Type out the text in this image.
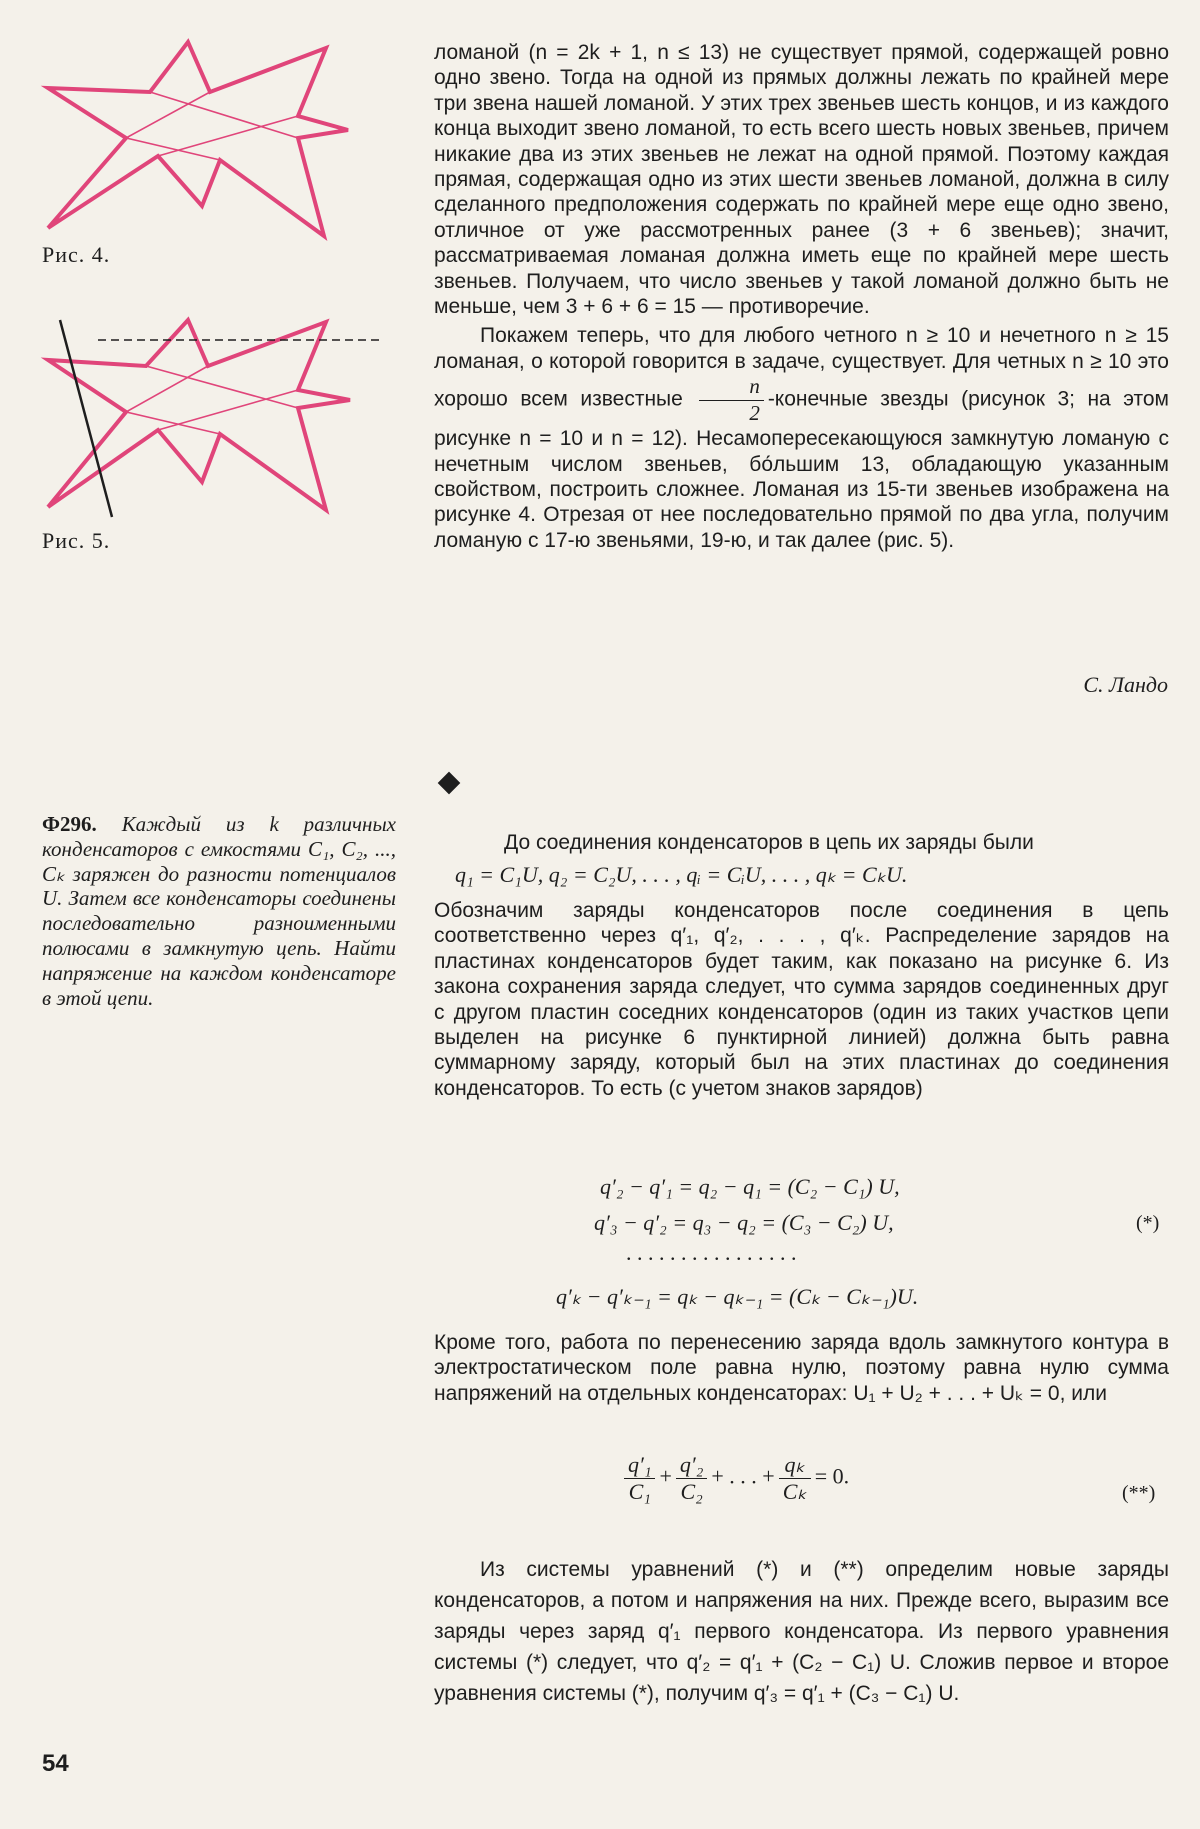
Рис. 4.
Рис. 5.

ломаной (n = 2k + 1, n ≤ 13) не существует прямой, содержащей ровно одно звено. Тогда на одной из прямых должны лежать по крайней мере три звена нашей ломаной. У этих трех звеньев шесть концов, и из каждого конца выходит звено ломаной, то есть всего шесть новых звеньев, причем никакие два из этих звеньев не лежат на одной прямой. Поэтому каждая прямая, содержащая одно из этих шести звеньев ломаной, должна в силу сделанного предположения содержать по крайней мере еще одно звено, отличное от уже рассмотренных ранее (3 + 6 звеньев); значит, рассматриваемая ломаная должна иметь еще по крайней мере шесть звеньев. Получаем, что число звеньев у такой ломаной должно быть не меньше, чем 3 + 6 + 6 = 15 — противоречие.

Покажем теперь, что для любого четного n ≥ 10 и нечетного n ≥ 15 ломаная, о которой говорится в задаче, существует. Для четных n ≥ 10 это хорошо всем известные $\frac{n}{2}$ -конечные звезды (рисунок 3; на этом рисунке n = 10 и n = 12). Несамопересекающуюся замкнутую ломаную с нечетным числом звеньев, бо́льшим 13, обладающую указанным свойством, построить сложнее. Ломаная из 15-ти звеньев изображена на рисунке 4. Отрезая от нее последовательно прямой по два угла, получим ломаную с 17-ю звеньями, 19-ю, и так далее (рис. 5).

С. Ландо
Ф296. Каждый из k различных конденсаторов с емкостями C₁, C₂, ..., Cₖ заряжен до разности потенциалов U. Затем все конденсаторы соединены последовательно разноименными полюсами в замкнутую цепь. Найти напряжение на каждом конденсаторе в этой цепи.

До соединения конденсаторов в цепь их заряды были

q₁ = C₁U, q₂ = C₂U, . . . , qᵢ = CᵢU, . . . , qₖ = CₖU.

Обозначим заряды конденсаторов после соединения в цепь соответственно через q′₁, q′₂, . . . , q′ₖ. Распределение зарядов на пластинах конденсаторов будет таким, как показано на рисунке 6. Из закона сохранения заряда следует, что сумма зарядов соединенных друг с другом пластин соседних конденсаторов (один из таких участков цепи выделен на рисунке 6 пунктирной линией) должна быть равна суммарному заряду, который был на этих пластинах до соединения конденсаторов. То есть (с учетом знаков зарядов)

q′₂ − q′₁ = q₂ − q₁ = (C₂ − C₁) U,
q′₃ − q′₂ = q₃ − q₂ = (C₃ − C₂) U,	(*)
. . . . . . . . . . . . . . . .
q′ₖ − q′ₖ₋₁ = qₖ − qₖ₋₁ = (Cₖ − Cₖ₋₁)U.

Кроме того, работа по перенесению заряда вдоль замкнутого контура в электростатическом поле равна нулю, поэтому равна нулю сумма напряжений на отдельных конденсаторах: U₁ + U₂ + . . . + Uₖ = 0, или

$\frac{\text{q′₁}}{\text{C₁}} + \frac{\text{q′₂}}{\text{C₂}}$ + . . . + $\frac{\text{qₖ}}{\text{Cₖ}} = 0$.
(**)

Из системы уравнений (*) и (**) определим новые заряды конденсаторов, а потом и напряжения на них. Прежде всего, выразим все заряды через заряд q′₁ первого конденсатора. Из первого уравнения системы (*) следует, что q′₂ = q′₁ + (C₂ − C₁) U. Сложив первое и второе уравнения системы (*), получим q′₃ = q′₁ + (C₃ − C₁) U.

54
